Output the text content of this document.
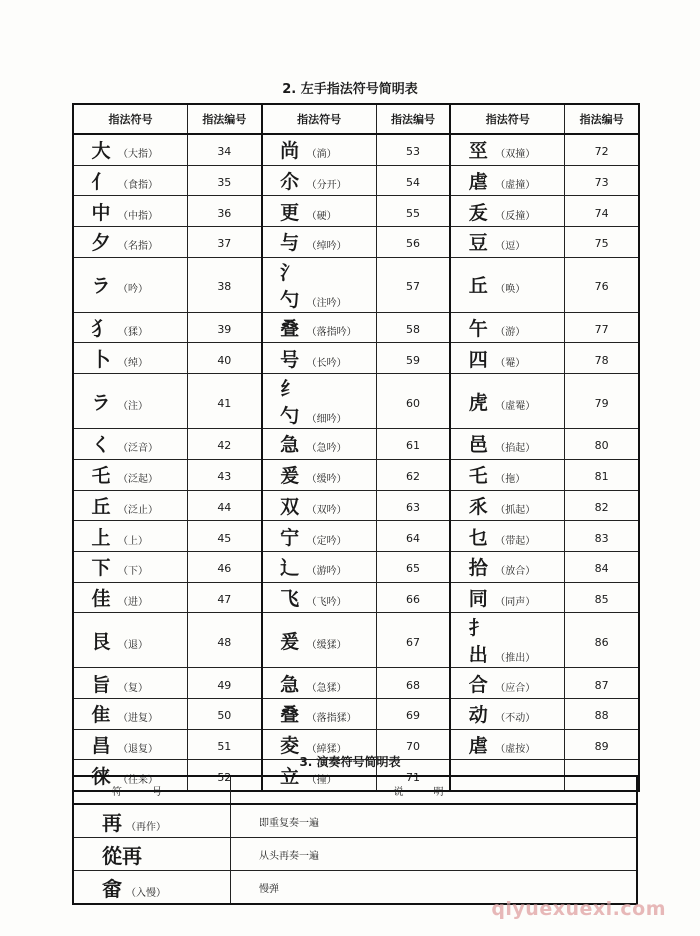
2. 左手指法符号简明表
指法符号	指法编号	指法符号	指法编号	指法符号	指法编号
大 （大指）	34	尚 （淌）	53	巠 （双撞）	72
亻 （食指）	35	尒 （分开）	54	虐 （虚撞）	73
中 （中指）	36	更 （硬）	55	叐 （反撞）	74
夕 （名指）	37	与 （绰吟）	56	豆 （逗）	75
ラ （吟）	38	氵勺 （注吟）	57	丘 （唤）	76
犭 （猱）	39	叠 （落指吟）	58	午 （游）	77
卜 （绰）	40	号 （长吟）	59	四 （罨）	78
ラ （注）	41	纟勺 （细吟）	60	虎 （虚罨）	79
く （泛音）	42	急 （急吟）	61	邑 （掐起）	80
乇 （泛起）	43	爰 （缓吟）	62	乇 （拖）	81
丘 （泛止）	44	双 （双吟）	63	乑 （抓起）	82
上 （上）	45	宁 （定吟）	64	乜 （带起）	83
下 （下）	46	辶 （游吟）	65	拾 （放合）	84
佳 （进）	47	飞 （飞吟）	66	同 （同声）	85
艮 （退）	48	爰 （缓猱）	67	扌出 （推出）	86
旨 （复）	49	急 （急猱）	68	合 （应合）	87
隹 （进复）	50	叠 （落指猱）	69	动 （不动）	88
昌 （退复）	51	夌 （綽猱）	70	虐 （虚按）	89
徕 （往来）	52	立 （撞）	71		
3. 演奏符号简明表
符号	说明
再 （再作）	即重复奏一遍
從再	从头再奏一遍
畲 （入慢）	慢弹
qiyuexuexi.com
